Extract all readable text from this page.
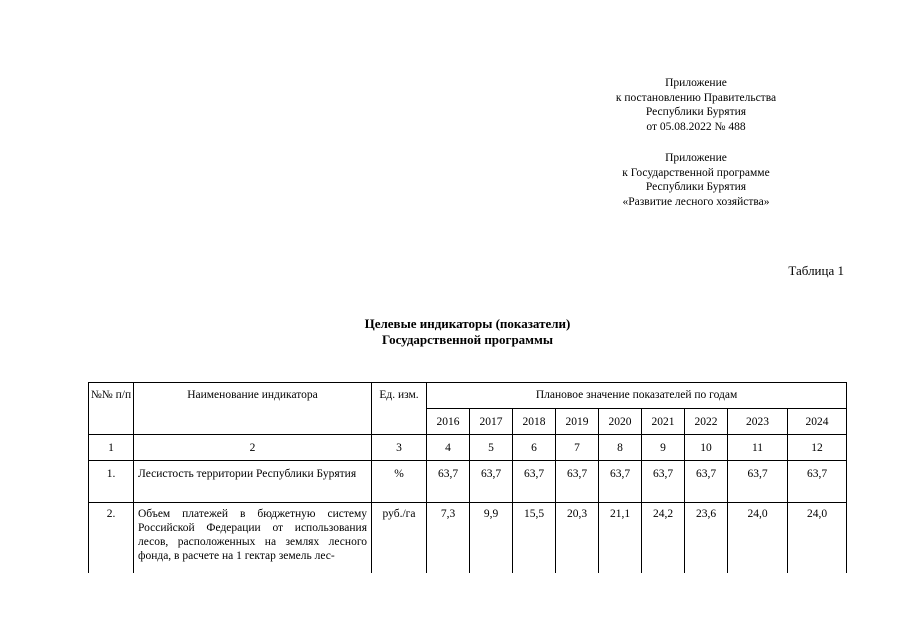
Приложение
к постановлению Правительства
Республики Бурятия
от 05.08.2022 № 488
Приложение
к Государственной программе
Республики Бурятия
«Развитие лесного хозяйства»
Таблица 1
Целевые индикаторы (показатели)
Государственной программы
№№ п/п	Наименование индикатора	Ед. изм.	Плановое значение показателей по годам								
			2016	2017	2018	2019	2020	2021	2022	2023	2024
1	2	3	4	5	6	7	8	9	10	11	12
1.	Лесистость территории Республики Бурятия	%	63,7	63,7	63,7	63,7	63,7	63,7	63,7	63,7	63,7
2.	Объем платежей в бюджетную систему Российской Федерации от использования лесов, расположенных на землях лесного фонда, в расчете на 1 гектар земель лес-	руб./га	7,3	9,9	15,5	20,3	21,1	24,2	23,6	24,0	24,0
